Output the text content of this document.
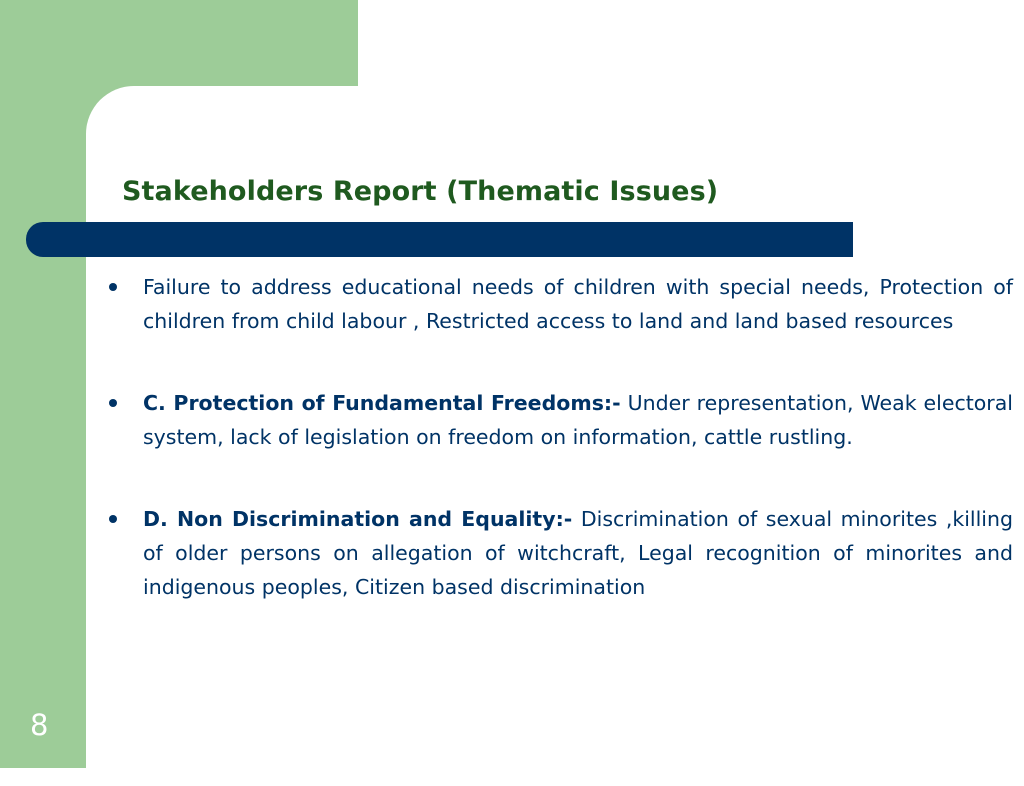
Stakeholders Report (Thematic Issues)
Failure to address educational needs of children with special needs, Protection of children from child labour , Restricted access to land and land based resources
C. Protection of Fundamental Freedoms:- Under representation, Weak electoral system, lack of legislation on freedom on information, cattle rustling.
D. Non Discrimination and Equality:- Discrimination of sexual minorites ,killing of older persons on allegation of witchcraft, Legal recognition of minorites and indigenous peoples, Citizen based discrimination
8
